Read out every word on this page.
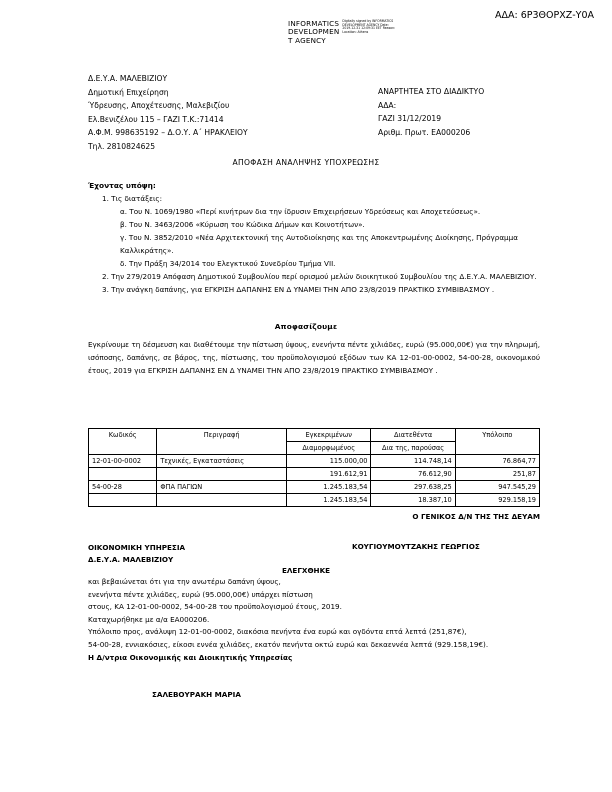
ΑΔΑ: 6Ρ3ΘΟΡΧΖ-Υ0Α
INFORMATICS
DEVELOPMEN
T AGENCY
Digitally signed by INFORMATICS DEVELOPMENT AGENCY Date: 2019.12.31 12:09:31 EET Reason: Location: Athens
Δ.Ε.Υ.Α. ΜΑΛΕΒΙΖΙΟΥ
Δημοτική Επιχείρηση
Ύδρευσης, Αποχέτευσης, Μαλεβιζίου
Ελ.Βενιζέλου 115 – ΓΑΖΙ Τ.Κ.:71414
Α.Φ.Μ. 998635192 – Δ.Ο.Υ. Α΄ ΗΡΑΚΛΕΙΟΥ
Τηλ. 2810824625
ΑΝΑΡΤΗΤΕΑ ΣΤΟ ΔΙΑΔΙΚΤΥΟ
ΑΔΑ:
ΓΑΖΙ 31/12/2019
Αριθμ. Πρωτ. ΕΑ000206
ΑΠΟΦΑΣΗ ΑΝΑΛΗΨΗΣ ΥΠΟΧΡΕΩΣΗΣ
Έχοντας υπόψη:
1. Τις διατάξεις:
α. Του Ν. 1069/1980 «Περί κινήτρων δια την ίδρυσιν Επιχειρήσεων Υδρεύσεως και Αποχετεύσεως».
β. Του Ν. 3463/2006 «Κύρωση του Κώδικα Δήμων και Κοινοτήτων».
γ. Του Ν. 3852/2010 «Νέα Αρχιτεκτονική της Αυτοδιοίκησης και της Αποκεντρωμένης Διοίκησης, Πρόγραμμα Καλλικράτης».
δ. Την Πράξη 34/2014 του Ελεγκτικού Συνεδρίου Τμήμα VII.
2. Την 279/2019 Απόφαση Δημοτικού Συμβουλίου περί ορισμού μελών διοικητικού Συμβουλίου της Δ.Ε.Υ.Α. ΜΑΛΕΒΙΖΙΟΥ.
3. Την ανάγκη δαπάνης, για ΕΓΚΡΙΣΗ ΔΑΠΑΝΗΣ ΕΝ Δ ΥΝΑΜΕΙ ΤΗΝ ΑΠΟ 23/8/2019 ΠΡΑΚΤΙΚΟ ΣΥΜΒΙΒΑΣΜΟΥ .
Αποφασίζουμε
Εγκρίνουμε τη δέσμευση και διαθέτουμε την πίστωση ύψους, ενενήντα πέντε χιλιάδες, ευρώ (95.000,00€) για την πληρωμή, ισόποσης, δαπάνης, σε βάρος, της, πίστωσης, του προϋπολογισμού εξόδων των ΚΑ 12-01-00-0002, 54-00-28, οικονομικού έτους, 2019 για ΕΓΚΡΙΣΗ ΔΑΠΑΝΗΣ ΕΝ Δ ΥΝΑΜΕΙ ΤΗΝ ΑΠΟ 23/8/2019 ΠΡΑΚΤΙΚΟ ΣΥΜΒΙΒΑΣΜΟΥ .
Κωδικός	Περιγραφή	Εγκεκριμένων	Διατεθέντα	Υπόλοιπο
		Διαμορφωμένος	Δια της, παρούσας	
12-01-00-0002	Τεχνικές, Εγκαταστάσεις	115.000,00	114.748,14	76.864,77
		191.612,91	76.612,90	251,87
54-00-28	ΦΠΑ ΠΑΓΙΩΝ	1.245.183,54	297.638,25	947.545,29
		1.245.183,54	18.387,10	929.158,19
Ο ΓΕΝΙΚΟΣ Δ/Ν ΤΗΣ ΤΗΣ ΔΕΥΑΜ
ΟΙΚΟΝΟΜΙΚΗ ΥΠΗΡΕΣΙΑ
Δ.Ε.Υ.Α. ΜΑΛΕΒΙΖΙΟΥ
ΚΟΥΓΙΟΥΜΟΥΤΖΑΚΗΣ ΓΕΩΡΓΙΟΣ
ΕΛΕΓΧΘΗΚΕ
και βεβαιώνεται ότι για την ανωτέρω δαπάνη ύψους,
ενενήντα πέντε χιλιάδες, ευρώ (95.000,00€) υπάρχει πίστωση
στους, ΚΑ 12-01-00-0002, 54-00-28 του προϋπολογισμού έτους, 2019.
Καταχωρήθηκε με α/α ΕΑ000206.
Υπόλοιπο προς, ανάλυψη 12-01-00-0002, διακόσια πενήντα ένα ευρώ και ογδόντα επτά λεπτά (251,87€),
54-00-28, εννιακόσιες, είκοσι εννέα χιλιάδες, εκατόν πενήντα οκτώ ευρώ και δεκαεννέα λεπτά (929.158,19€).
Η Δ/ντρια Οικονομικής και Διοικητικής Υπηρεσίας
ΣΑΛΕΒΟΥΡΑΚΗ ΜΑΡΙΑ
